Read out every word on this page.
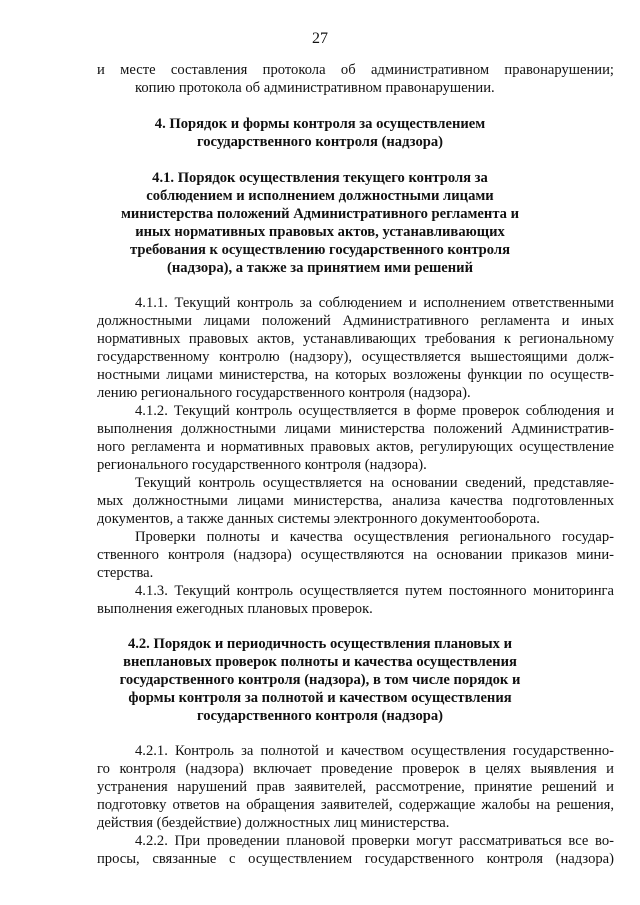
27
и месте составления протокола об административном правонарушении;
копию протокола об административном правонарушении.
4. Порядок и формы контроля за осуществлением
государственного контроля (надзора)
4.1. Порядок осуществления текущего контроля за
соблюдением и исполнением должностными лицами
министерства положений Административного регламента и
иных нормативных правовых актов, устанавливающих
требования к осуществлению государственного контроля
(надзора), а также за принятием ими решений
4.1.1. Текущий контроль за соблюдением и исполнением ответственными
должностными лицами положений Административного регламента и иных
нормативных правовых актов, устанавливающих требования к региональному
государственному контролю (надзору), осуществляется вышестоящими долж-
ностными лицами министерства, на которых возложены функции по осуществ-
лению регионального государственного контроля (надзора).
4.1.2. Текущий контроль осуществляется в форме проверок соблюдения и
выполнения должностными лицами министерства положений Административ-
ного регламента и нормативных правовых актов, регулирующих осуществление
регионального государственного контроля (надзора).
Текущий контроль осуществляется на основании сведений, представляе-
мых должностными лицами министерства, анализа качества подготовленных
документов, а также данных системы электронного документооборота.
Проверки полноты и качества осуществления регионального государ-
ственного контроля (надзора) осуществляются на основании приказов мини-
стерства.
4.1.3. Текущий контроль осуществляется путем постоянного мониторинга
выполнения ежегодных плановых проверок.
4.2. Порядок и периодичность осуществления плановых и
внеплановых проверок полноты и качества осуществления
государственного контроля (надзора), в том числе порядок и
формы контроля за полнотой и качеством осуществления
государственного контроля (надзора)
4.2.1. Контроль за полнотой и качеством осуществления государственно-
го контроля (надзора) включает проведение проверок в целях выявления и
устранения нарушений прав заявителей, рассмотрение, принятие решений и
подготовку ответов на обращения заявителей, содержащие жалобы на решения,
действия (бездействие) должностных лиц министерства.
4.2.2. При проведении плановой проверки могут рассматриваться все во-
просы, связанные с осуществлением государственного контроля (надзора)
